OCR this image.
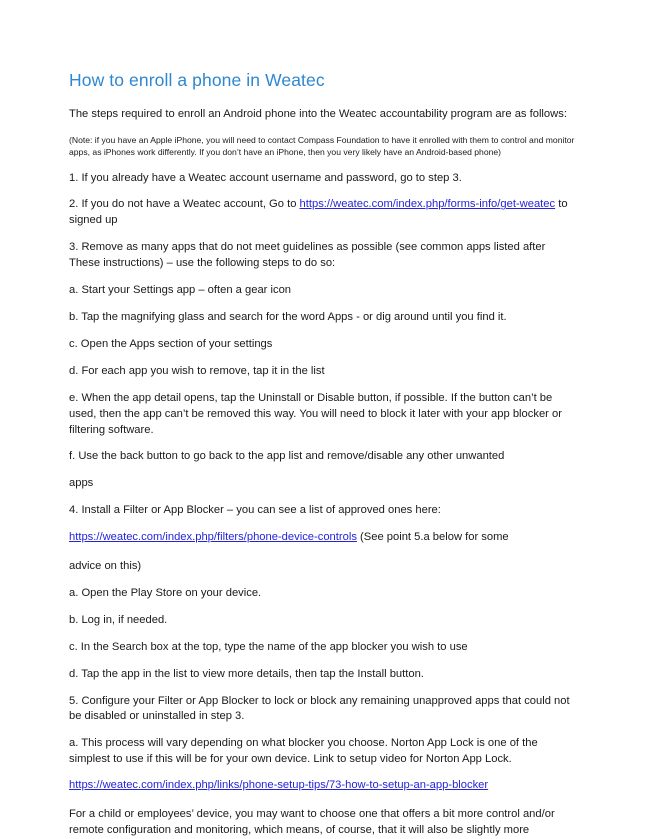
How to enroll a phone in Weatec

The steps required to enroll an Android phone into the Weatec accountability program are as follows:

(Note: if you have an Apple iPhone, you will need to contact Compass Foundation to have it enrolled with them to control and monitor apps, as iPhones work differently. If you don’t have an iPhone, then you very likely have an Android-based phone)

1. If you already have a Weatec account username and password, go to step 3.

2. If you do not have a Weatec account, Go to https://weatec.com/index.php/forms-info/get-weatec to signed up

3. Remove as many apps that do not meet guidelines as possible (see common apps listed after These instructions) – use the following steps to do so:

a. Start your Settings app – often a gear icon

b. Tap the magnifying glass and search for the word Apps - or dig around until you find it.

c. Open the Apps section of your settings

d. For each app you wish to remove, tap it in the list

e. When the app detail opens, tap the Uninstall or Disable button, if possible. If the button can’t be used, then the app can’t be removed this way. You will need to block it later with your app blocker or filtering software.

f. Use the back button to go back to the app list and remove/disable any other unwanted

apps

4. Install a Filter or App Blocker – you can see a list of approved ones here:

https://weatec.com/index.php/filters/phone-device-controls (See point 5.a below for some

advice on this)

a. Open the Play Store on your device.

b. Log in, if needed.

c. In the Search box at the top, type the name of the app blocker you wish to use

d. Tap the app in the list to view more details, then tap the Install button.

5. Configure your Filter or App Blocker to lock or block any remaining unapproved apps that could not be disabled or uninstalled in step 3.

a. This process will vary depending on what blocker you choose. Norton App Lock is one of the simplest to use if this will be for your own device. Link to setup video for Norton App Lock.

https://weatec.com/index.php/links/phone-setup-tips/73-how-to-setup-an-app-blocker

For a child or employees’ device, you may want to choose one that offers a bit more control and/or remote configuration and monitoring, which means, of course, that it will also be slightly more
